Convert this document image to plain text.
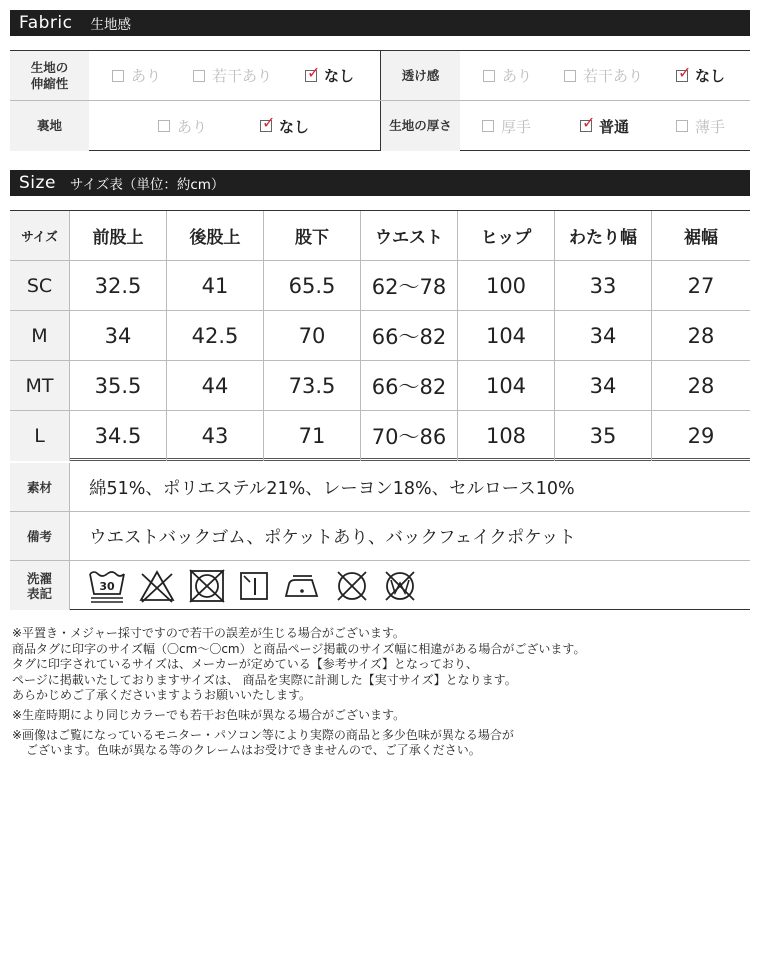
Fabric 生地感
生地の
伸縮性	あり	若干あり ✓ なし	透け感	あり	若干あり ✓ なし
裏地	あり	✓ なし	生地の厚さ	厚手	✓ 普通	薄手
Size サイズ表（単位：約cm）
サイズ	前股上	後股上	股下	ウエスト	ヒップ	わたり幅	裾幅
SC	32.5	41	65.5	62〜78	100	33	27
M	34	42.5	70	66〜82	104	34	28
MT	35.5	44	73.5	66〜82	104	34	28
L	34.5	43	71	70〜86	108	35	29
素材	綿51%、ポリエステル21%、レーヨン18%、セルロース10%
備考	ウエストバックゴム、ポケットあり、バックフェイクポケット
洗濯
表記	30

※平置き・メジャー採寸ですので若干の誤差が生じる場合がございます。

商品タグに印字のサイズ幅（〇cm〜〇cm）と商品ページ掲載のサイズ幅に相違がある場合がございます。

タグに印字されているサイズは、メーカーが定めている【参考サイズ】となっており、

ページに掲載いたしておりますサイズは、 商品を実際に計測した【実寸サイズ】となります。

あらかじめご了承くださいますようお願いいたします。

※生産時期により同じカラーでも若干お色味が異なる場合がございます。

※画像はご覧になっているモニター・パソコン等により実際の商品と多少色味が異なる場合が

ございます。色味が異なる等のクレームはお受けできませんので、ご了承ください。
